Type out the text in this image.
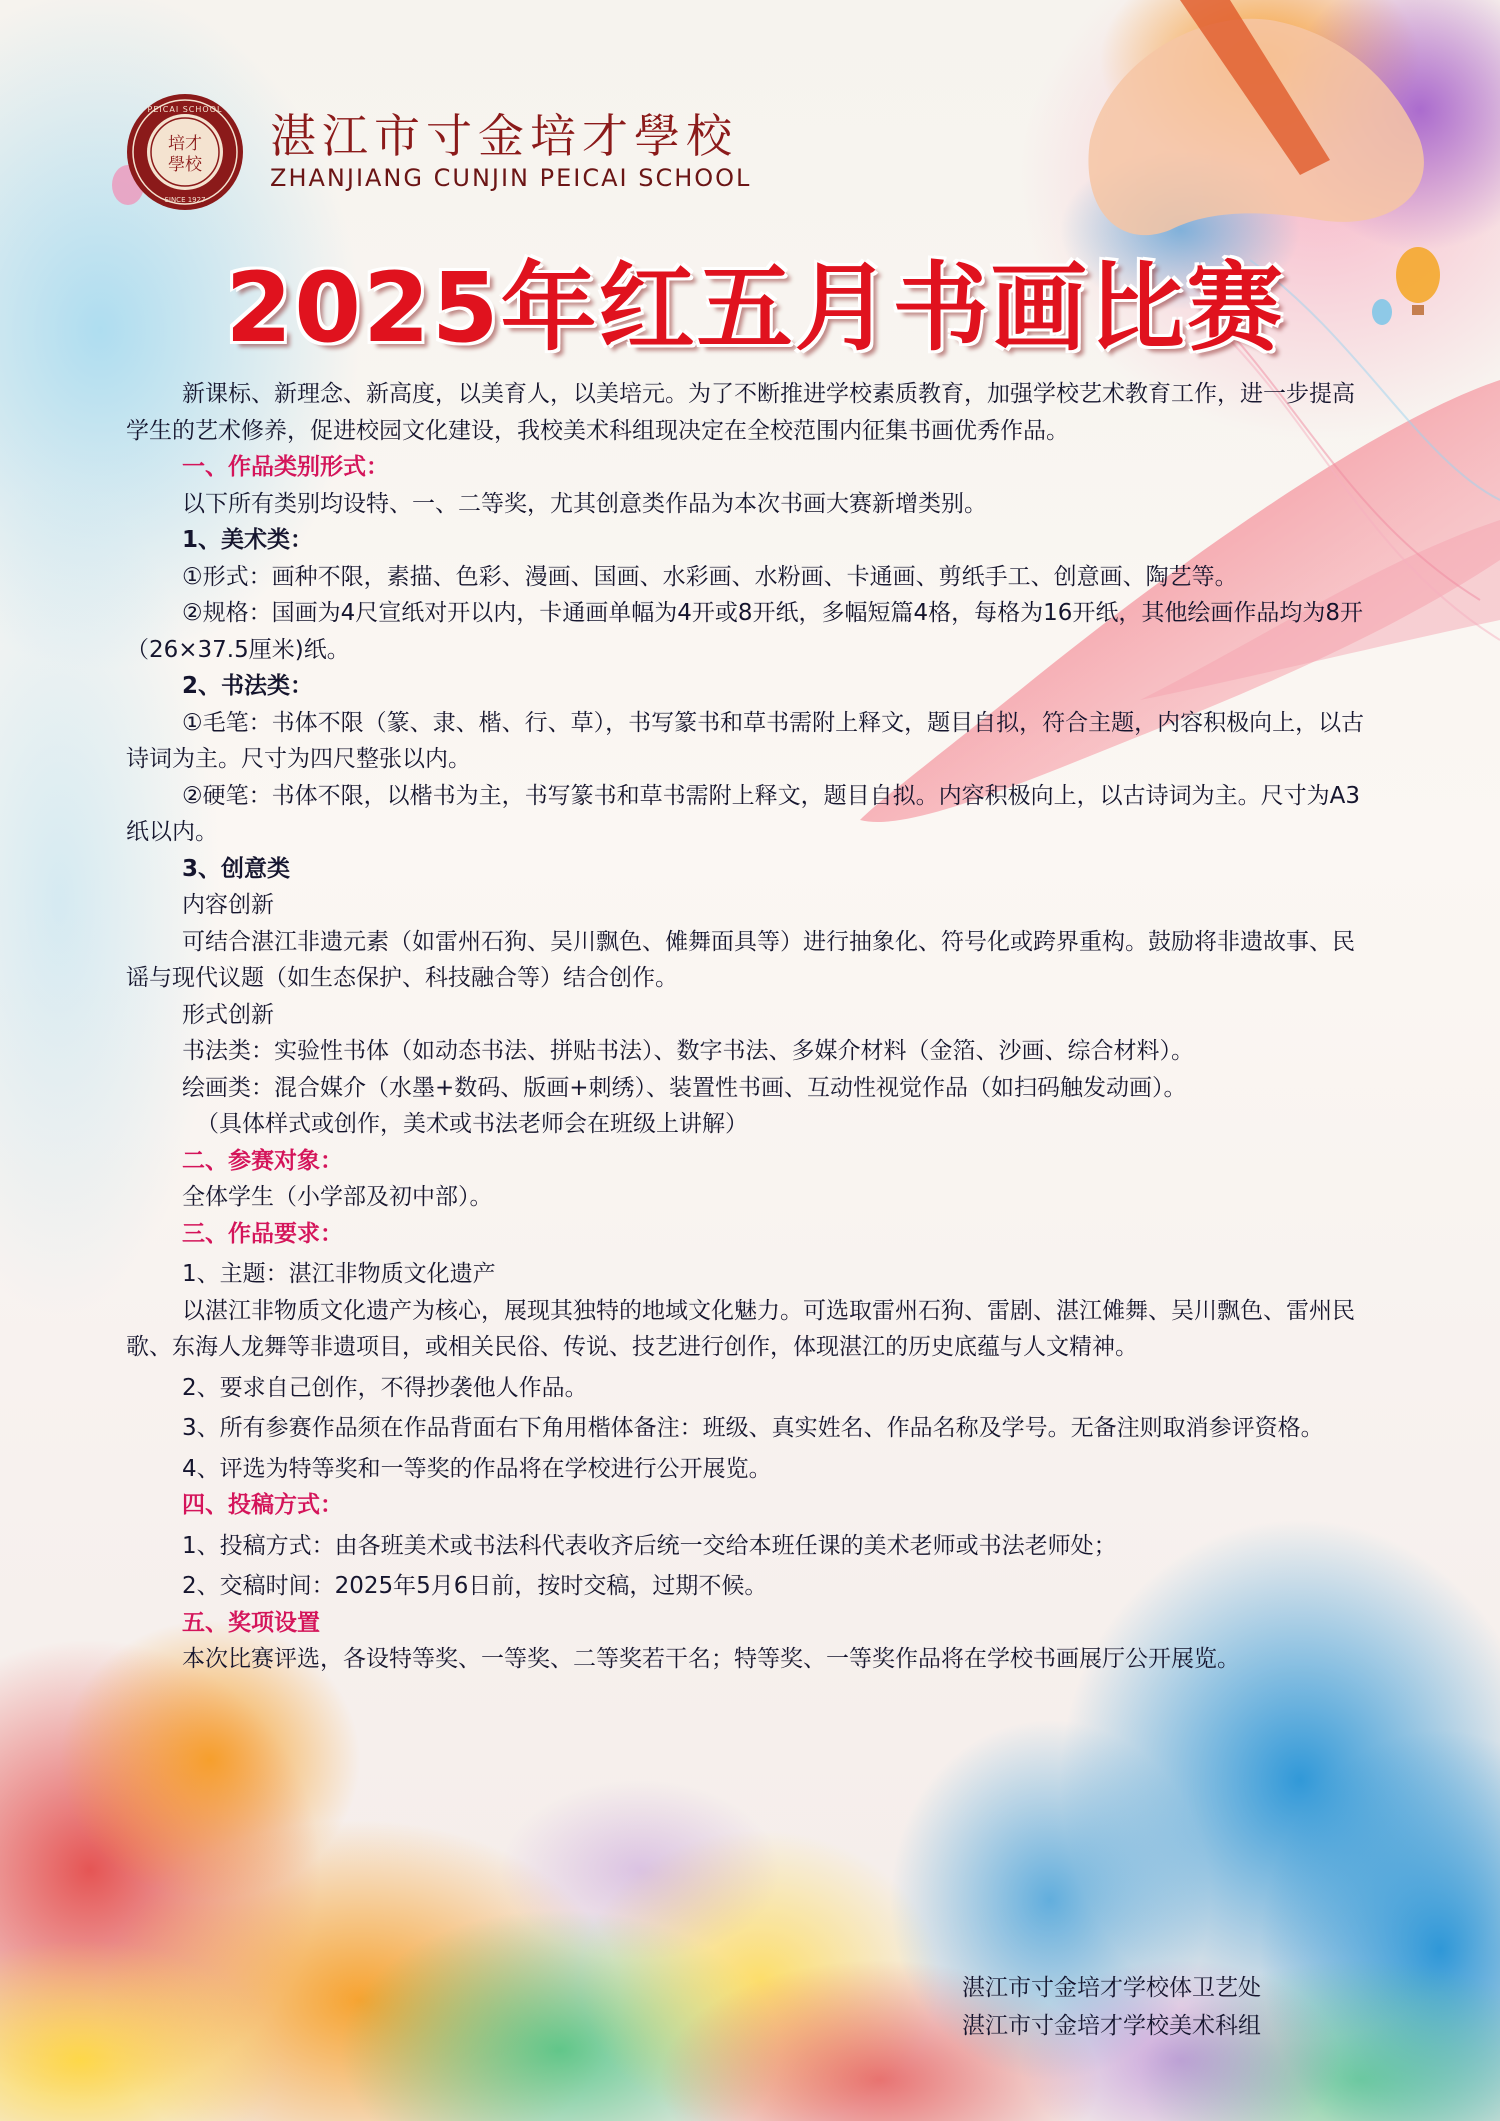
PEICAI SCHOOL
SINCE 1927
培才
學校
湛江市寸金培才學校
ZHANJIANG CUNJIN PEICAI SCHOOL
2025年红五月书画比赛

新课标、新理念、新高度，以美育人，以美培元。为了不断推进学校素质教育，加强学校艺术教育工作，进一步提高学生的艺术修养，促进校园文化建设，我校美术科组现决定在全校范围内征集书画优秀作品。

一、作品类别形式：

以下所有类别均设特、一、二等奖，尤其创意类作品为本次书画大赛新增类别。

1、美术类：

①形式：画种不限，素描、色彩、漫画、国画、水彩画、水粉画、卡通画、剪纸手工、创意画、陶艺等。

②规格：国画为4尺宣纸对开以内，卡通画单幅为4开或8开纸，多幅短篇4格，每格为16开纸，其他绘画作品均为8开（26×37.5厘米)纸。

2、书法类：

①毛笔：书体不限（篆、隶、楷、行、草），书写篆书和草书需附上释文，题目自拟，符合主题，内容积极向上，以古诗词为主。尺寸为四尺整张以内。

②硬笔：书体不限，以楷书为主，书写篆书和草书需附上释文，题目自拟。内容积极向上，以古诗词为主。尺寸为A3纸以内。

3、创意类

内容创新

可结合湛江非遗元素（如雷州石狗、吴川飘色、傩舞面具等）进行抽象化、符号化或跨界重构。鼓励将非遗故事、民谣与现代议题（如生态保护、科技融合等）结合创作。

形式创新

书法类：实验性书体（如动态书法、拼贴书法）、数字书法、多媒介材料（金箔、沙画、综合材料）。

绘画类：混合媒介（水墨+数码、版画+刺绣）、装置性书画、互动性视觉作品（如扫码触发动画）。

（具体样式或创作，美术或书法老师会在班级上讲解）

二、参赛对象：

全体学生（小学部及初中部）。

三、作品要求：

1、主题：湛江非物质文化遗产

以湛江非物质文化遗产为核心，展现其独特的地域文化魅力。可选取雷州石狗、雷剧、湛江傩舞、吴川飘色、雷州民歌、东海人龙舞等非遗项目，或相关民俗、传说、技艺进行创作，体现湛江的历史底蕴与人文精神。

2、要求自己创作，不得抄袭他人作品。

3、所有参赛作品须在作品背面右下角用楷体备注：班级、真实姓名、作品名称及学号。无备注则取消参评资格。

4、评选为特等奖和一等奖的作品将在学校进行公开展览。

四、投稿方式：

1、投稿方式：由各班美术或书法科代表收齐后统一交给本班任课的美术老师或书法老师处；

2、交稿时间：2025年5月6日前，按时交稿，过期不候。

五、奖项设置

本次比赛评选，各设特等奖、一等奖、二等奖若干名；特等奖、一等奖作品将在学校书画展厅公开展览。

湛江市寸金培才学校体卫艺处
湛江市寸金培才学校美术科组
